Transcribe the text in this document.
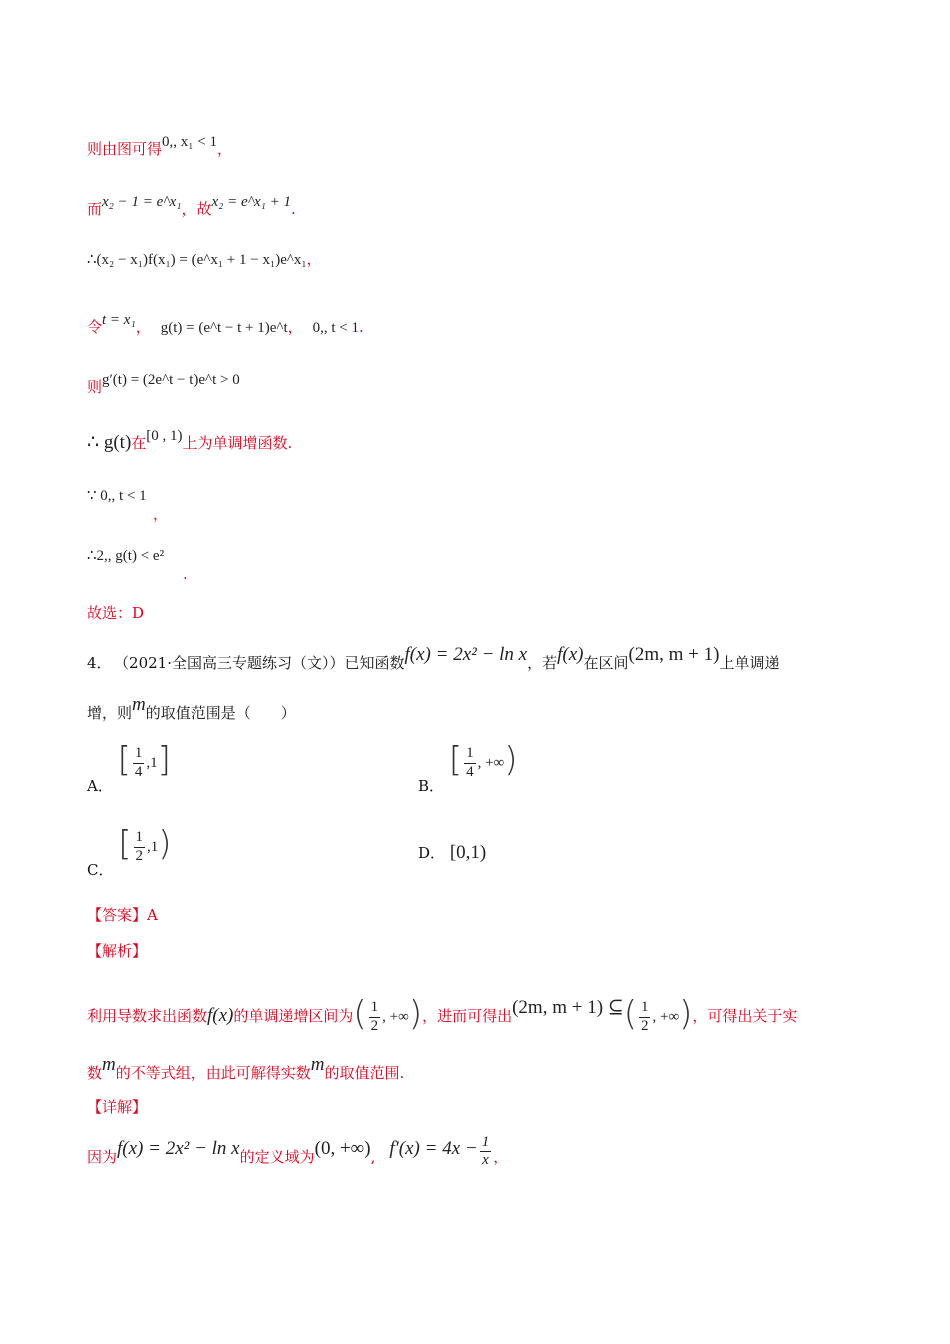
则由图可得0,, x₁ < 1，
而x₂ − 1 = e^x₁，故x₂ = e^x₁ + 1.
∴(x₂ − x₁)f(x₁) = (e^x₁ + 1 − x₁)e^x₁，
令t = x₁， g(t) = (e^t − t + 1)e^t， 0,, t < 1.
则g′(t) = (2e^t − t)e^t > 0
∴ g(t)在[0 , 1)上为单调增函数.
∵ 0,, t < 1
，
∴2,, g(t) < e²
.
故选：D
4． （2021·全国高三专题练习（文））已知函数f(x) = 2x² − ln x，若f(x)在区间(2m, m + 1)上单调递
增，则m的取值范围是（　　）
A． [ $\frac{1}{4} ,1$]
B． [ $\frac{1}{4}$ , +∞)
C． [ $\frac{1}{2} ,1$)	D． [0,1)
【答案】A
【解析】
利用导数求出函数f(x)的单调递增区间为( $\frac{1}{2}$ , +∞)，进而可得出(2m, m + 1) ⊆( $\frac{1}{2}$ , +∞)，可得出关于实
数m的不等式组，由此可解得实数m的取值范围.
【详解】
因为f(x) = 2x² − ln x的定义域为(0, +∞), $f'(x) = 4x - \frac{1}{x}$ ，
